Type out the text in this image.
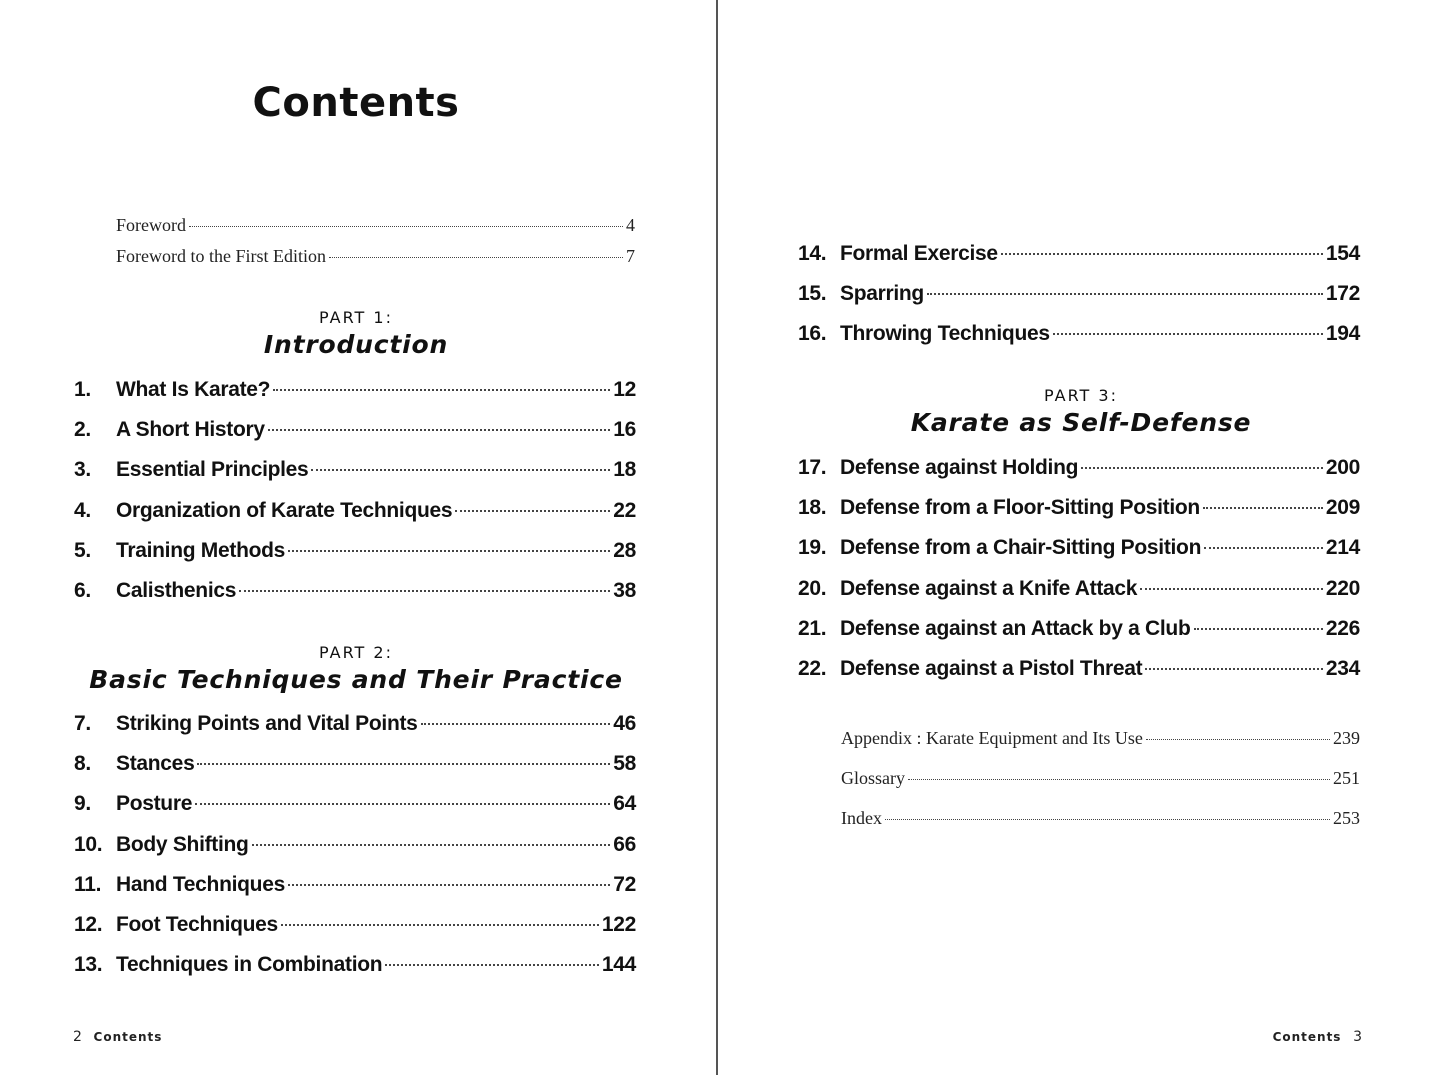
Contents
Foreword	4
Foreword to the First Edition	7
PART 1:
Introduction
1.	What Is Karate?	12
2.	A Short History	16
3.	Essential Principles	18
4.	Organization of Karate Techniques	22
5.	Training Methods	28
6.	Calisthenics	38
PART 2:
Basic Techniques and Their Practice
7.	Striking Points and Vital Points	46
8.	Stances	58
9.	Posture	64
10. Body Shifting	66
11. Hand Techniques	72
12. Foot Techniques	122
13. Techniques in Combination	144
2 Contents
14. Formal Exercise	154
15. Sparring	172
16. Throwing Techniques	194
PART 3:
Karate as Self-Defense
17. Defense against Holding	200
18. Defense from a Floor-Sitting Position	209
19. Defense from a Chair-Sitting Position	214
20. Defense against a Knife Attack	220
21. Defense against an Attack by a Club	226
22. Defense against a Pistol Threat	234
Appendix : Karate Equipment and Its Use	239
Glossary	251
Index	253
Contents 3
